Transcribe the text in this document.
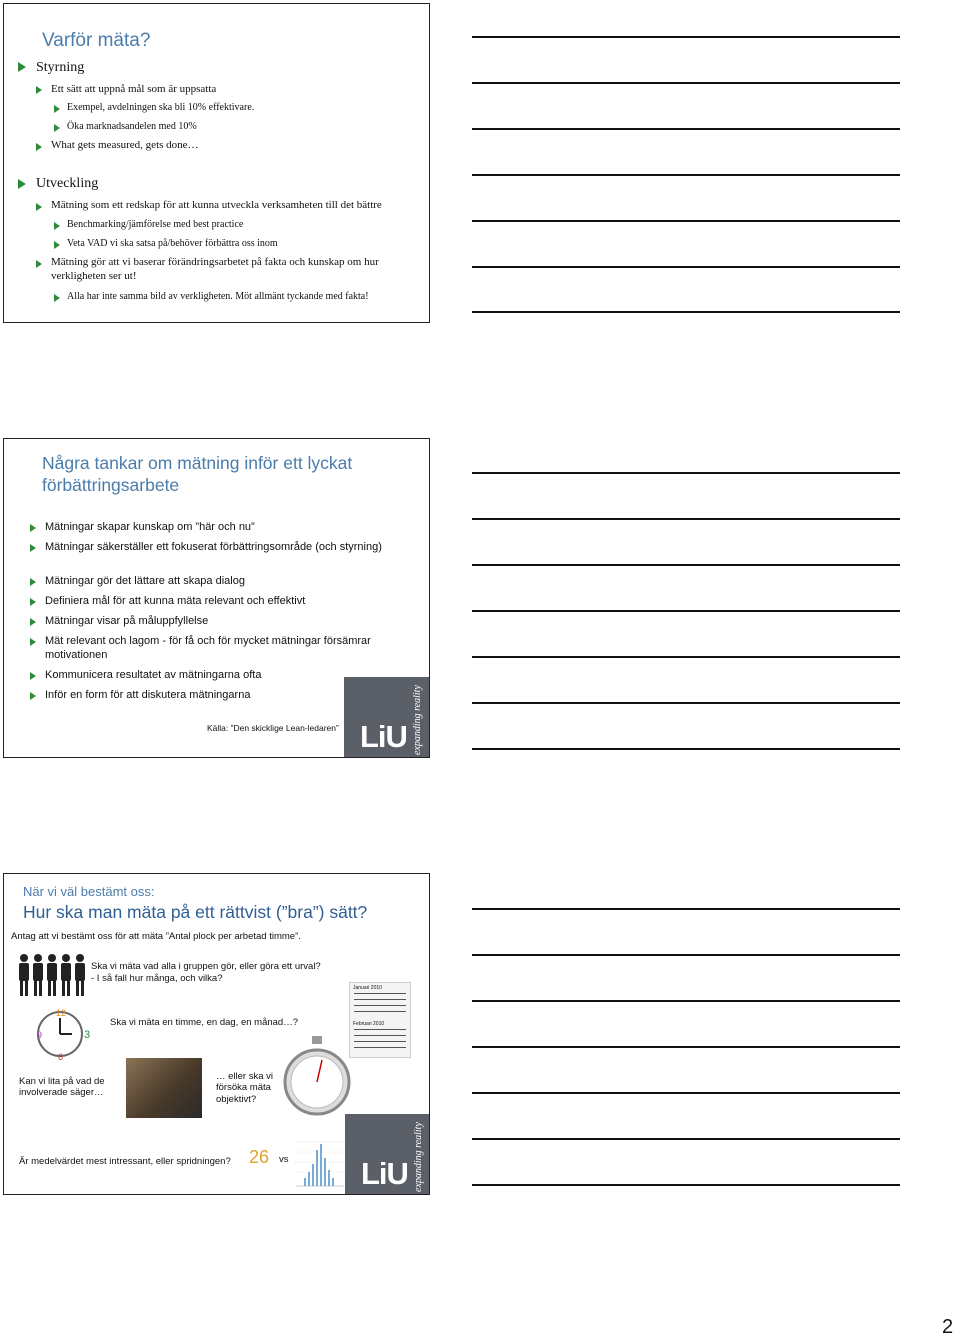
Varför mäta?
Styrning
Ett sätt att uppnå mål som är uppsatta
Exempel, avdelningen ska bli 10% effektivare.
Öka marknadsandelen med 10%
What gets measured, gets done…
Utveckling
Mätning som ett redskap för att kunna utveckla verksamheten till det bättre
Benchmarking/jämförelse med best practice
Veta VAD vi ska satsa på/behöver förbättra oss inom
Mätning gör att vi baserar förändringsarbetet på fakta och kunskap om hur verkligheten ser ut!
Alla har inte samma bild av verkligheten. Möt allmänt tyckande med fakta!
Några tankar om mätning inför ett lyckat
förbättringsarbete
Mätningar skapar kunskap om ”här och nu”
Mätningar säkerställer ett fokuserat förbättringsområde (och styrning)
Mätningar gör det lättare att skapa dialog
Definiera mål för att kunna mäta relevant och effektivt
Mätningar visar på måluppfyllelse
Mät relevant och lagom - för få och för mycket mätningar försämrar motivationen
Kommunicera resultatet av mätningarna ofta
Inför en form för att diskutera mätningarna
Källa: ”Den skicklige Lean-ledaren” LiU expanding reality
När vi väl bestämt oss:
Hur ska man mäta på ett rättvist (”bra”) sätt?
Antag att vi bestämt oss för att mäta ”Antal plock per arbetad timme”.
Ska vi mäta vad alla i gruppen gör, eller göra ett urval?
- I så fall hur många, och vilka?
Januari 2010
Februari 2010
12
3
6
9
Ska vi mäta en timme, en dag, en månad…?
Kan vi lita på vad de involverade säger…
… eller ska vi försöka mäta objektivt?
Är medelvärdet mest intressant, eller spridningen? 26 vs LiU expanding reality
2
